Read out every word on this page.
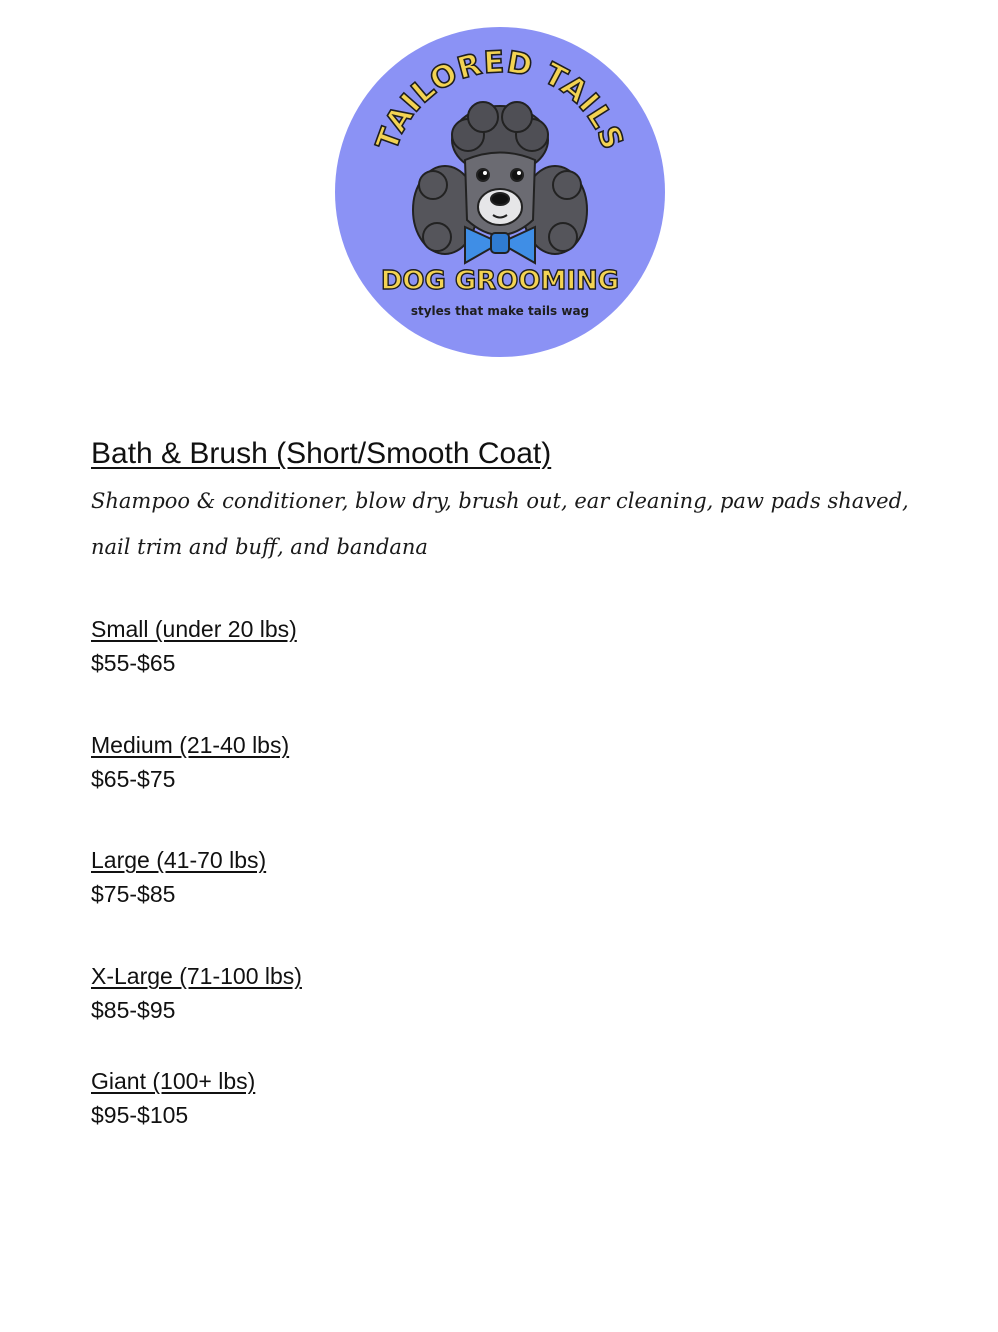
TAILORED TAILS
DOG GROOMING
styles that make tails wag
Bath & Brush (Short/Smooth Coat)

Shampoo & conditioner, blow dry, brush out, ear cleaning, paw pads shaved, nail trim and buff, and bandana

Small (under 20 lbs)
$55-$65
Medium (21-40 lbs)
$65-$75
Large (41-70 lbs)
$75-$85
X-Large (71-100 lbs)
$85-$95
Giant (100+ lbs)
$95-$105
